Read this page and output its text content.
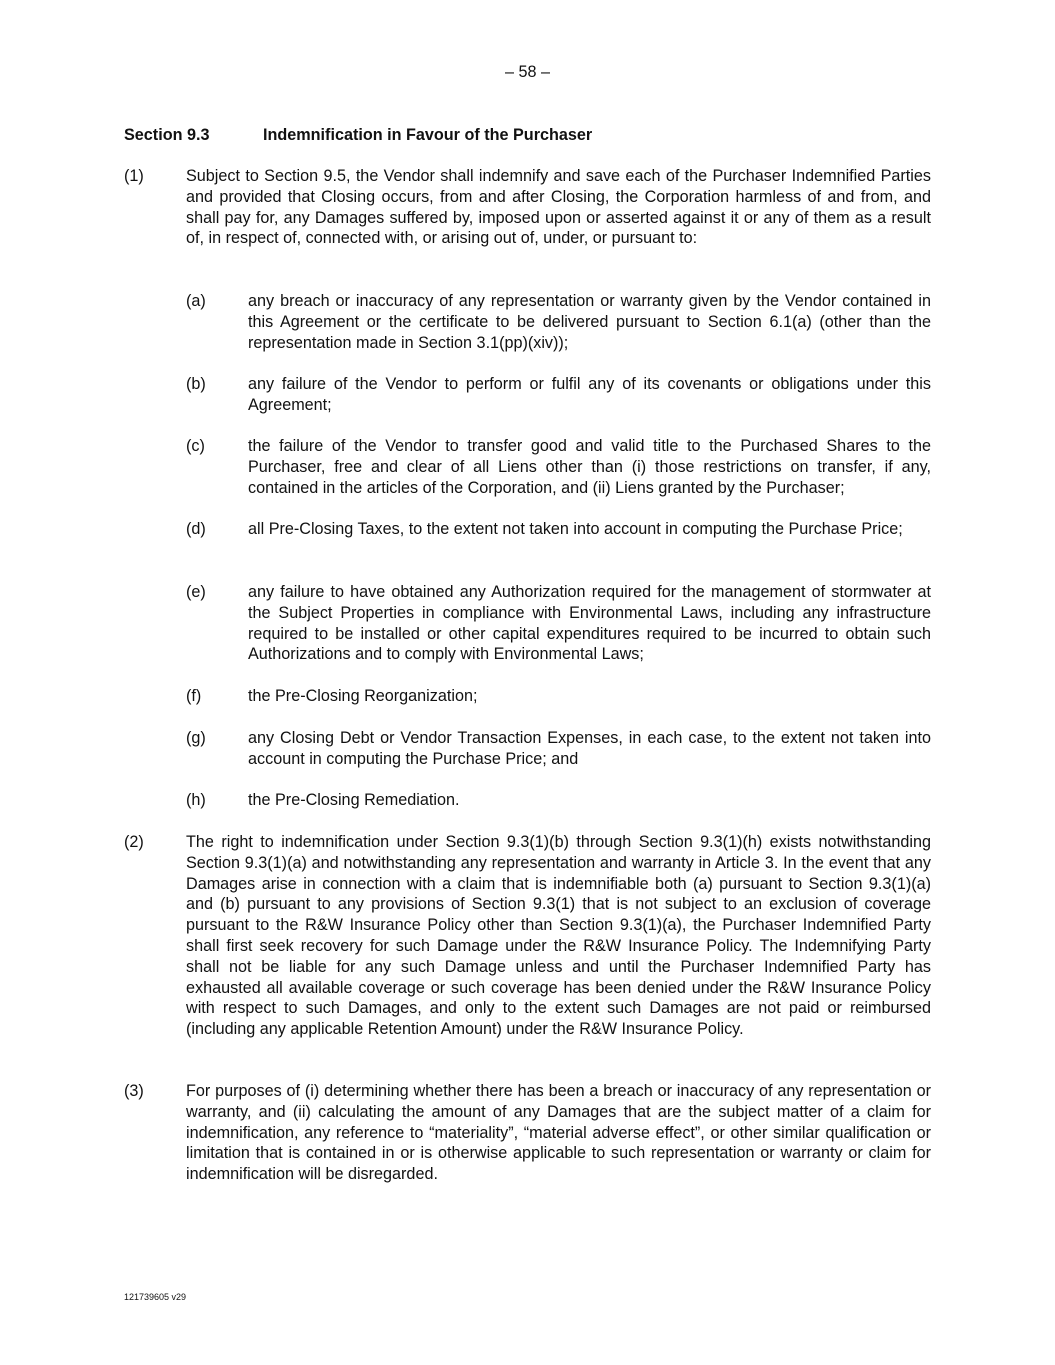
– 58 –
Section 9.3	Indemnification in Favour of the Purchaser
(1)	Subject to Section 9.5, the Vendor shall indemnify and save each of the Purchaser Indemnified Parties and provided that Closing occurs, from and after Closing, the Corporation harmless of and from, and shall pay for, any Damages suffered by, imposed upon or asserted against it or any of them as a result of, in respect of, connected with, or arising out of, under, or pursuant to:
(a)	any breach or inaccuracy of any representation or warranty given by the Vendor contained in this Agreement or the certificate to be delivered pursuant to Section 6.1(a) (other than the representation made in Section 3.1(pp)(xiv));
(b)	any failure of the Vendor to perform or fulfil any of its covenants or obligations under this Agreement;
(c)	the failure of the Vendor to transfer good and valid title to the Purchased Shares to the Purchaser, free and clear of all Liens other than (i) those restrictions on transfer, if any, contained in the articles of the Corporation, and (ii) Liens granted by the Purchaser;
(d)	all Pre-Closing Taxes, to the extent not taken into account in computing the Purchase Price;
(e)	any failure to have obtained any Authorization required for the management of stormwater at the Subject Properties in compliance with Environmental Laws, including any infrastructure required to be installed or other capital expenditures required to be incurred to obtain such Authorizations and to comply with Environmental Laws;
(f)	the Pre-Closing Reorganization;
(g)	any Closing Debt or Vendor Transaction Expenses, in each case, to the extent not taken into account in computing the Purchase Price; and
(h)	the Pre-Closing Remediation.
(2)	The right to indemnification under Section 9.3(1)(b) through Section 9.3(1)(h) exists notwithstanding Section 9.3(1)(a) and notwithstanding any representation and warranty in Article 3. In the event that any Damages arise in connection with a claim that is indemnifiable both (a) pursuant to Section 9.3(1)(a) and (b) pursuant to any provisions of Section 9.3(1) that is not subject to an exclusion of coverage pursuant to the R&W Insurance Policy other than Section 9.3(1)(a), the Purchaser Indemnified Party shall first seek recovery for such Damage under the R&W Insurance Policy. The Indemnifying Party shall not be liable for any such Damage unless and until the Purchaser Indemnified Party has exhausted all available coverage or such coverage has been denied under the R&W Insurance Policy with respect to such Damages, and only to the extent such Damages are not paid or reimbursed (including any applicable Retention Amount) under the R&W Insurance Policy.
(3)	For purposes of (i) determining whether there has been a breach or inaccuracy of any representation or warranty, and (ii) calculating the amount of any Damages that are the subject matter of a claim for indemnification, any reference to “materiality”, “material adverse effect”, or other similar qualification or limitation that is contained in or is otherwise applicable to such representation or warranty or claim for indemnification will be disregarded.
121739605 v29
